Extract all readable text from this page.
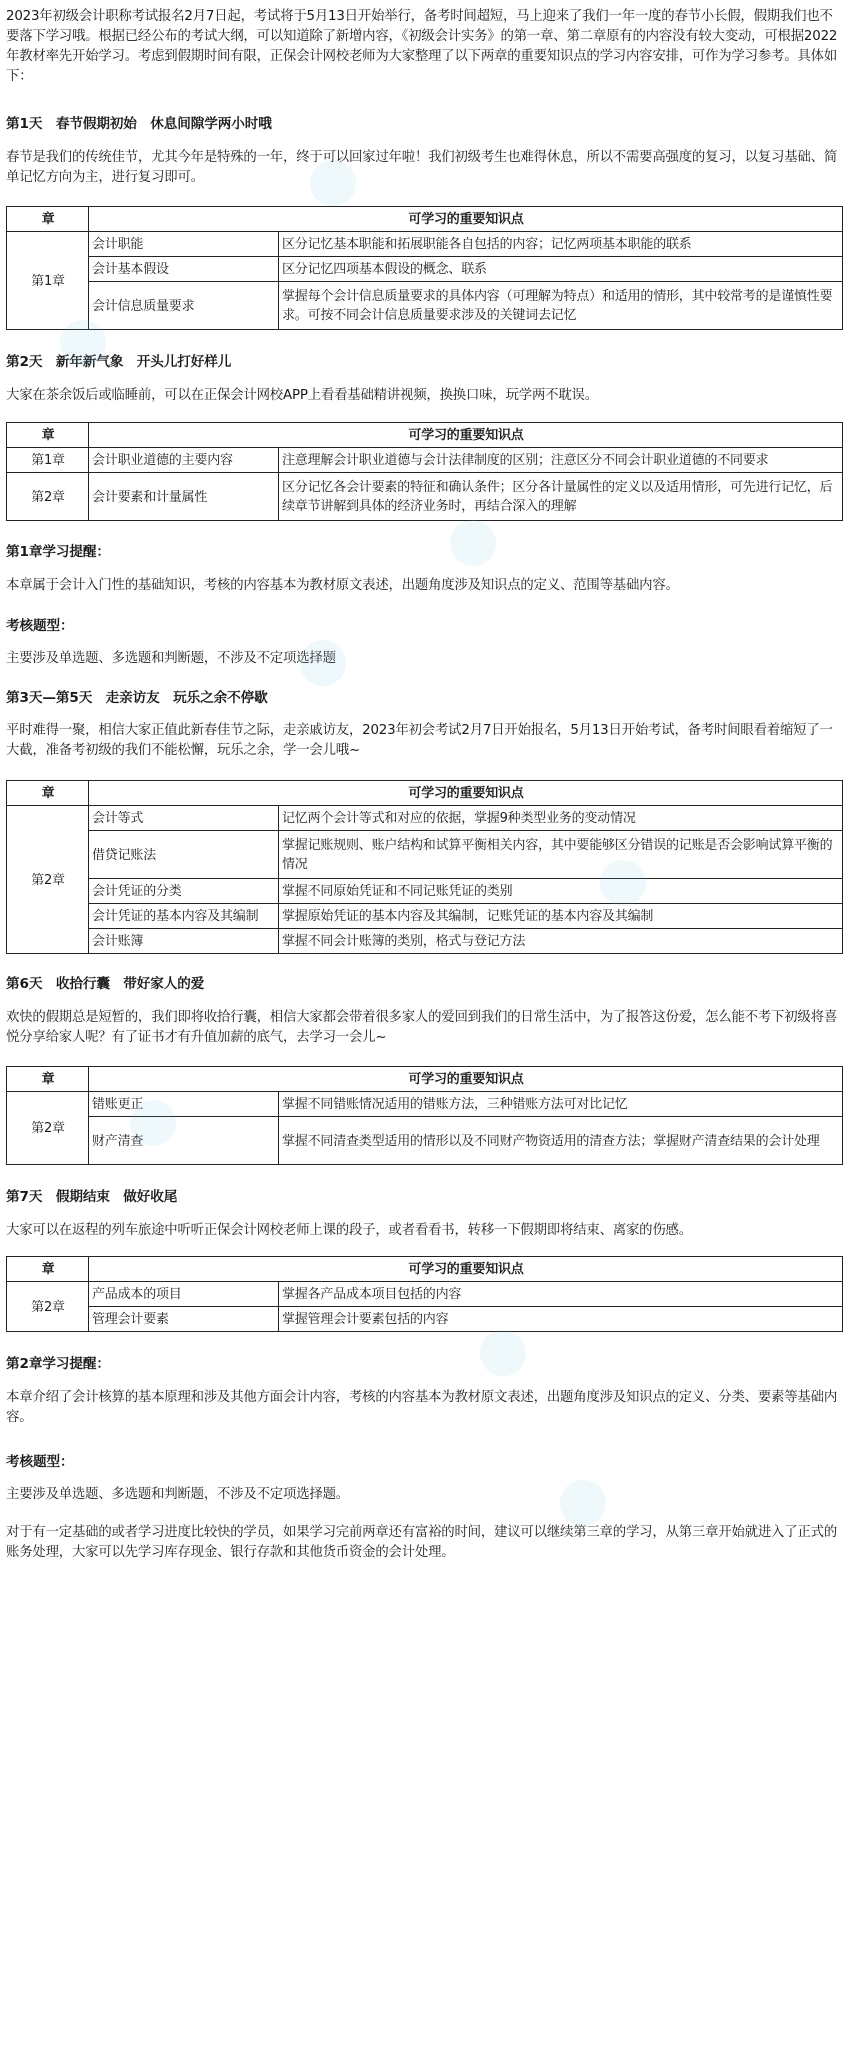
2023年初级会计职称考试报名2月7日起，考试将于5月13日开始举行，备考时间超短，马上迎来了我们一年一度的春节小长假，假期我们也不要落下学习哦。根据已经公布的考试大纲，可以知道除了新增内容，《初级会计实务》的第一章、第二章原有的内容没有较大变动，可根据2022年教材率先开始学习。考虑到假期时间有限，正保会计网校老师为大家整理了以下两章的重要知识点的学习内容安排，可作为学习参考。具体如下：

第1天　春节假期初始　休息间隙学两小时哦

春节是我们的传统佳节，尤其今年是特殊的一年，终于可以回家过年啦！我们初级考生也难得休息，所以不需要高强度的复习，以复习基础、简单记忆方向为主，进行复习即可。

章	可学习的重要知识点	
第1章	会计职能	区分记忆基本职能和拓展职能各自包括的内容；记忆两项基本职能的联系
	会计基本假设	区分记忆四项基本假设的概念、联系
	会计信息质量要求	掌握每个会计信息质量要求的具体内容（可理解为特点）和适用的情形，其中较常考的是谨慎性要求。可按不同会计信息质量要求涉及的关键词去记忆

第2天　新年新气象　开头儿打好样儿

大家在茶余饭后或临睡前，可以在正保会计网校APP上看看基础精讲视频，换换口味，玩学两不耽误。

章	可学习的重要知识点	
第1章	会计职业道德的主要内容	注意理解会计职业道德与会计法律制度的区别；注意区分不同会计职业道德的不同要求
第2章	会计要素和计量属性	区分记忆各会计要素的特征和确认条件；区分各计量属性的定义以及适用情形，可先进行记忆，后续章节讲解到具体的经济业务时，再结合深入的理解

第1章学习提醒：

本章属于会计入门性的基础知识，考核的内容基本为教材原文表述，出题角度涉及知识点的定义、范围等基础内容。

考核题型：

主要涉及单选题、多选题和判断题，不涉及不定项选择题

第3天—第5天　走亲访友　玩乐之余不停歇

平时难得一聚，相信大家正值此新春佳节之际，走亲戚访友，2023年初会考试2月7日开始报名，5月13日开始考试，备考时间眼看着缩短了一大截，准备考初级的我们不能松懈，玩乐之余，学一会儿哦~

章	可学习的重要知识点	
第2章	会计等式	记忆两个会计等式和对应的依据，掌握9种类型业务的变动情况
	借贷记账法	掌握记账规则、账户结构和试算平衡相关内容，其中要能够区分错误的记账是否会影响试算平衡的情况
	会计凭证的分类	掌握不同原始凭证和不同记账凭证的类别
	会计凭证的基本内容及其编制	掌握原始凭证的基本内容及其编制，记账凭证的基本内容及其编制
	会计账簿	掌握不同会计账簿的类别，格式与登记方法

第6天　收拾行囊　带好家人的爱

欢快的假期总是短暂的，我们即将收拾行囊，相信大家都会带着很多家人的爱回到我们的日常生活中，为了报答这份爱，怎么能不考下初级将喜悦分享给家人呢？有了证书才有升值加薪的底气，去学习一会儿~

章	可学习的重要知识点	
第2章	错账更正	掌握不同错账情况适用的错账方法，三种错账方法可对比记忆
	财产清查	掌握不同清查类型适用的情形以及不同财产物资适用的清查方法；掌握财产清查结果的会计处理

第7天　假期结束　做好收尾

大家可以在返程的列车旅途中听听正保会计网校老师上课的段子，或者看看书，转移一下假期即将结束、离家的伤感。

章	可学习的重要知识点	
第2章	产品成本的项目	掌握各产品成本项目包括的内容
	管理会计要素	掌握管理会计要素包括的内容

第2章学习提醒：

本章介绍了会计核算的基本原理和涉及其他方面会计内容，考核的内容基本为教材原文表述，出题角度涉及知识点的定义、分类、要素等基础内容。

考核题型：

主要涉及单选题、多选题和判断题，不涉及不定项选择题。

对于有一定基础的或者学习进度比较快的学员，如果学习完前两章还有富裕的时间，建议可以继续第三章的学习，从第三章开始就进入了正式的账务处理，大家可以先学习库存现金、银行存款和其他货币资金的会计处理。
